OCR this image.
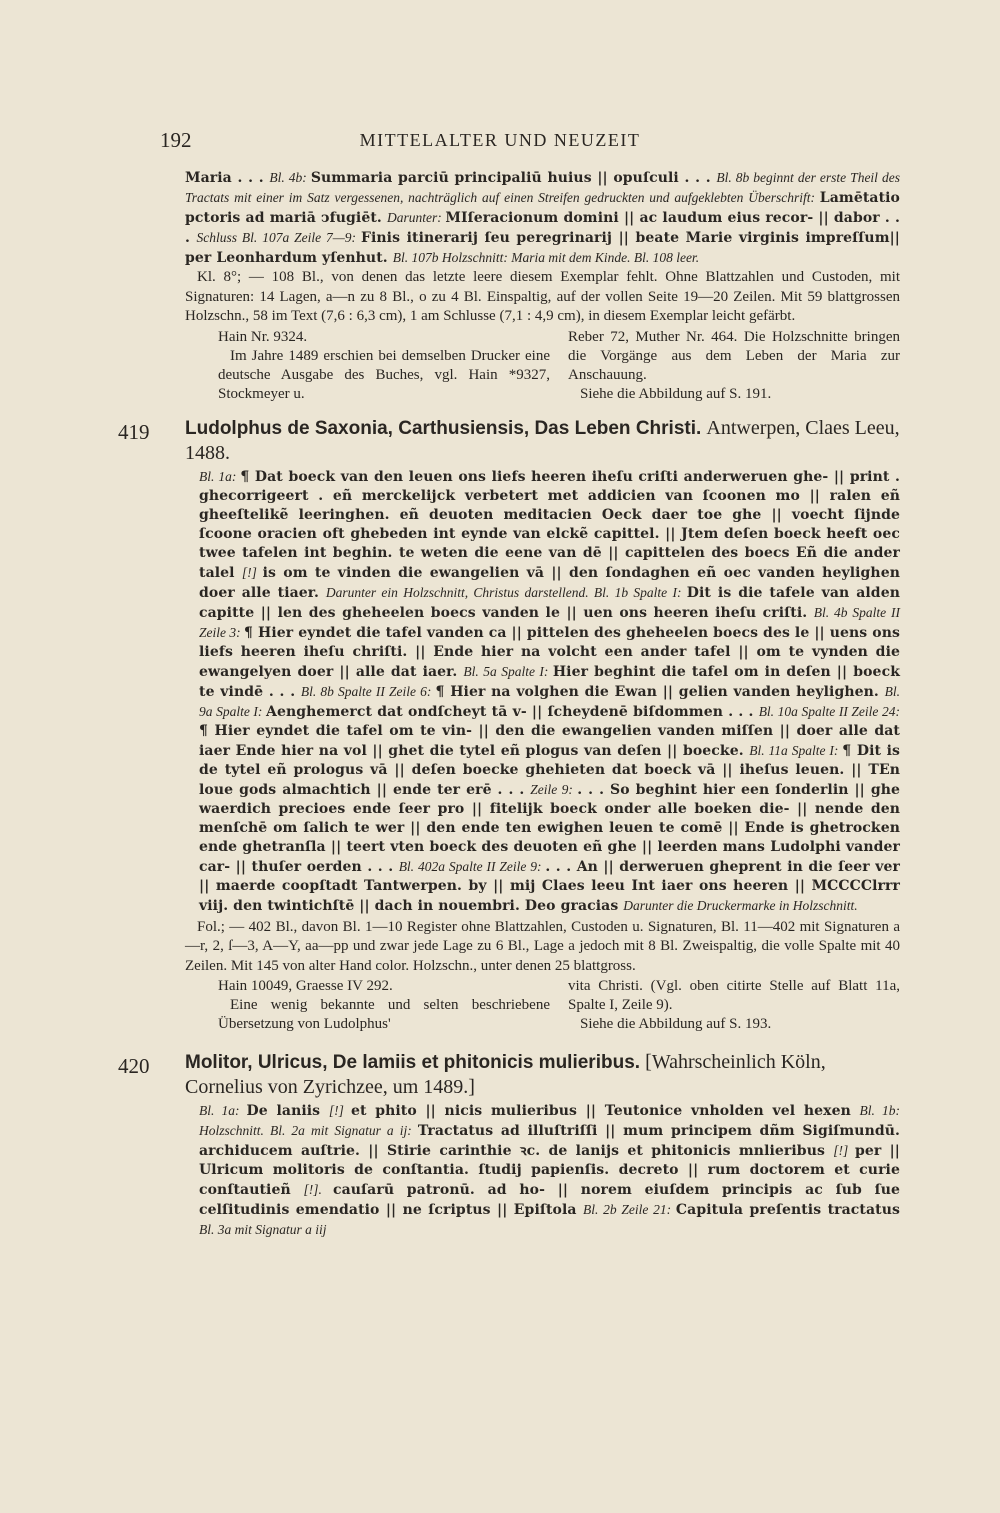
192	MITTELALTER UND NEUZEIT

Maria . . . Bl. 4b: Summaria parciū principaliū huius || opuſculi . . . Bl. 8b beginnt der erste Theil des Tractats mit einer im Satz vergessenen, nachträglich auf einen Streifen gedruckten und aufgeklebten Überschrift: Lamētatio pctoris ad mariā ↄfugiēt. Darunter: MIſeracionum domini || ac laudum eius recor- || dabor . . . Schluss Bl. 107a Zeile 7—9: Finis itinerarij ſeu peregrinarij || beate Marie virginis impreſſum|| per Leonhardum yſenhut. Bl. 107b Holzschnitt: Maria mit dem Kinde. Bl. 108 leer.

Kl. 8°; — 108 Bl., von denen das letzte leere diesem Exemplar fehlt. Ohne Blattzahlen und Custoden, mit Signaturen: 14 Lagen, a—n zu 8 Bl., o zu 4 Bl. Einspaltig, auf der vollen Seite 19—20 Zeilen. Mit 59 blattgrossen Holzschn., 58 im Text (7,6 : 6,3 cm), 1 am Schlusse (7,1 : 4,9 cm), in diesem Exemplar leicht gefärbt.

Hain Nr. 9324.

Im Jahre 1489 erschien bei demselben Drucker eine deutsche Ausgabe des Buches, vgl. Hain *9327, Stockmeyer u.

Reber 72, Muther Nr. 464. Die Holzschnitte bringen die Vorgänge aus dem Leben der Maria zur Anschauung.

Siehe die Abbildung auf S. 191.

419 Ludolphus de Saxonia, Carthusiensis, Das Leben Christi. Antwerpen, Claes Leeu, 1488.

Bl. 1a: ¶ Dat boeck van den leuen ons liefs heeren iheſu criſti anderweruen ghe- || print . ghecorrigeert . eñ merckelijck verbetert met addicien van ſcoonen mo || ralen eñ gheeſtelikẽ leeringhen. eñ deuoten meditacien Oeck daer toe ghe || voecht ſijnde ſcoone oracien oft ghebeden int eynde van elckẽ capittel. || Jtem deſen boeck heeft oec twee tafelen int beghin. te weten die eene van dē || capittelen des boecs Eñ die ander talel [!] is om te vinden die ewangelien vā || den ſondaghen eñ oec vanden heylighen doer alle tiaer. Darunter ein Holzschnitt, Christus darstellend. Bl. 1b Spalte I: Dit is die tafele van alden capitte || len des gheheelen boecs vanden le || uen ons heeren iheſu criſti. Bl. 4b Spalte II Zeile 3: ¶ Hier eyndet die tafel vanden ca || pittelen des gheheelen boecs des le || uens ons liefs heeren iheſu chriſti. || Ende hier na volcht een ander tafel || om te vynden die ewangelyen doer || alle dat iaer. Bl. 5a Spalte I: Hier beghint die tafel om in deſen || boeck te vindē . . . Bl. 8b Spalte II Zeile 6: ¶ Hier na volghen die Ewan || gelien vanden heylighen. Bl. 9a Spalte I: Aenghemerct dat ondſcheyt tā v- || ſcheydenē biſdommen . . . Bl. 10a Spalte II Zeile 24: ¶ Hier eyndet die tafel om te vin- || den die ewangelien vanden miſſen || doer alle dat iaer Ende hier na vol || ghet die tytel eñ plogus van deſen || boecke. Bl. 11a Spalte I: ¶ Dit is de tytel eñ prologus vā || deſen boecke ghehieten dat boeck vā || iheſus leuen. || TEn loue gods almachtich || ende ter erē . . . Zeile 9: . . . So beghint hier een ſonderlin || ghe waerdich precioes ende ſeer pro || fitelijk boeck onder alle boeken die- || nende den menſchē om ſalich te wer || den ende ten ewighen leuen te comē || Ende is ghetrocken ende ghetranſla || teert vten boeck des deuoten eñ ghe || leerden mans Ludolphi vander car- || thuſer oerden . . . Bl. 402a Spalte II Zeile 9: . . . An || derweruen gheprent in die ſeer ver || maerde coopſtadt Tantwerpen. by || mij Claes leeu Int iaer ons heeren || MCCCClrrr viij. den twintichſtē || dach in nouembri. Deo gracias Darunter die Druckermarke in Holzschnitt.

Fol.; — 402 Bl., davon Bl. 1—10 Register ohne Blattzahlen, Custoden u. Signaturen, Bl. 11—402 mit Signaturen a—r, 2, ſ—3, A—Y, aa—pp und zwar jede Lage zu 6 Bl., Lage a jedoch mit 8 Bl. Zweispaltig, die volle Spalte mit 40 Zeilen. Mit 145 von alter Hand color. Holzschn., unter denen 25 blattgross.

Hain 10049, Graesse IV 292.

Eine wenig bekannte und selten beschriebene Übersetzung von Ludolphus'

vita Christi. (Vgl. oben citirte Stelle auf Blatt 11a, Spalte I, Zeile 9).

Siehe die Abbildung auf S. 193.

420 Molitor, Ulricus, De lamiis et phitonicis mulieribus. [Wahrscheinlich Köln, Cornelius von Zyrichzee, um 1489.]

Bl. 1a: De laniis [!] et phito || nicis mulieribus || Teutonice vnholden vel hexen Bl. 1b: Holzschnitt. Bl. 2a mit Signatur a ij: Tractatus ad illuſtriſſi || mum principem dñm Sigiſmundū. archiducem auſtrie. || Stirie carinthie ꝛc. de lanijs et phitonicis mnlieribus [!] per || Ulricum molitoris de conſtantia. ſtudij papienſis. decreto || rum doctorem et curie conſtautieñ [!]. cauſarū patronū. ad ho- || norem eiuſdem principis ac ſub ſue celſitudinis emendatio || ne ſcriptus || Epiſtola Bl. 2b Zeile 21: Capitula preſentis tractatus Bl. 3a mit Signatur a iij
